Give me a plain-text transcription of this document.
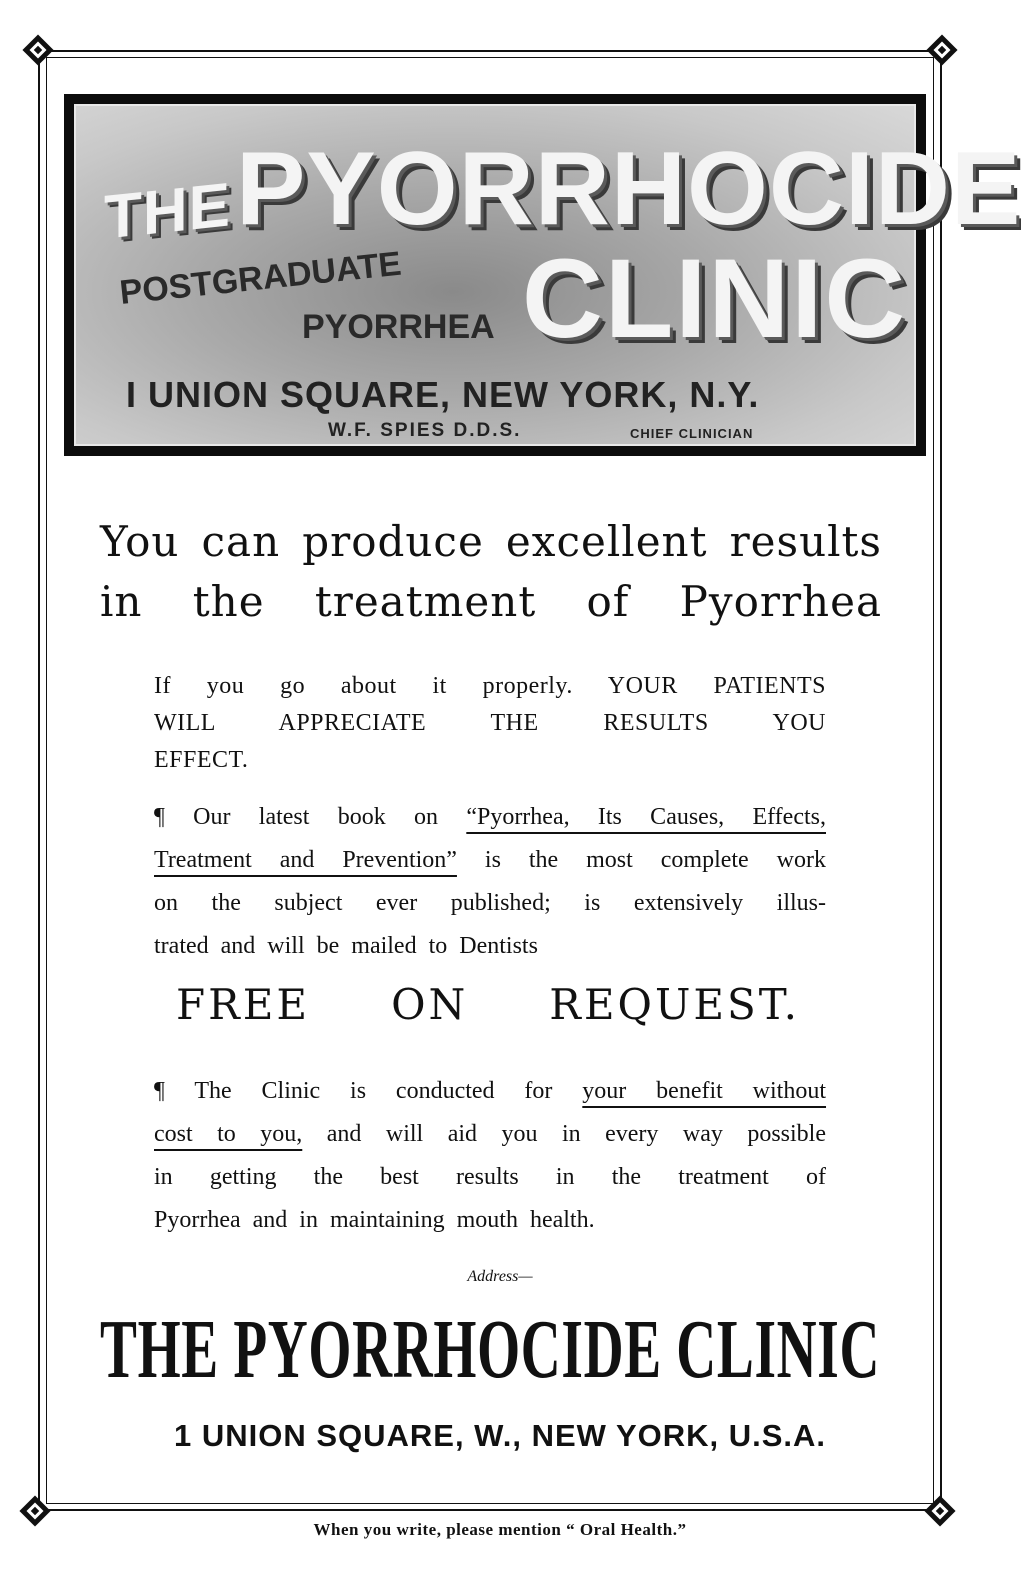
THE PYORRHOCIDE
POSTGRADUATE
PYORRHEA CLINIC
I UNION SQUARE, NEW YORK, N.Y.
W.F. SPIES D.D.S.	CHIEF CLINICIAN
You can produce excellent results
in the treatment of Pyorrhea
If you go about it properly. YOUR PATIENTS
WILL APPRECIATE THE RESULTS YOU
EFFECT.
¶ Our latest book on “Pyorrhea, Its Causes, Effects,
Treatment and Prevention” is the most complete work
on the subject ever published; is extensively illus-
trated and will be mailed to Dentists
FREE ON REQUEST.
¶ The Clinic is conducted for your benefit without
cost to you, and will aid you in every way possible
in getting the best results in the treatment of
Pyorrhea and in maintaining mouth health.
Address—
THE PYORRHOCIDE CLINIC
1 UNION SQUARE, W., NEW YORK, U.S.A.
When you write, please mention “ Oral Health.”
